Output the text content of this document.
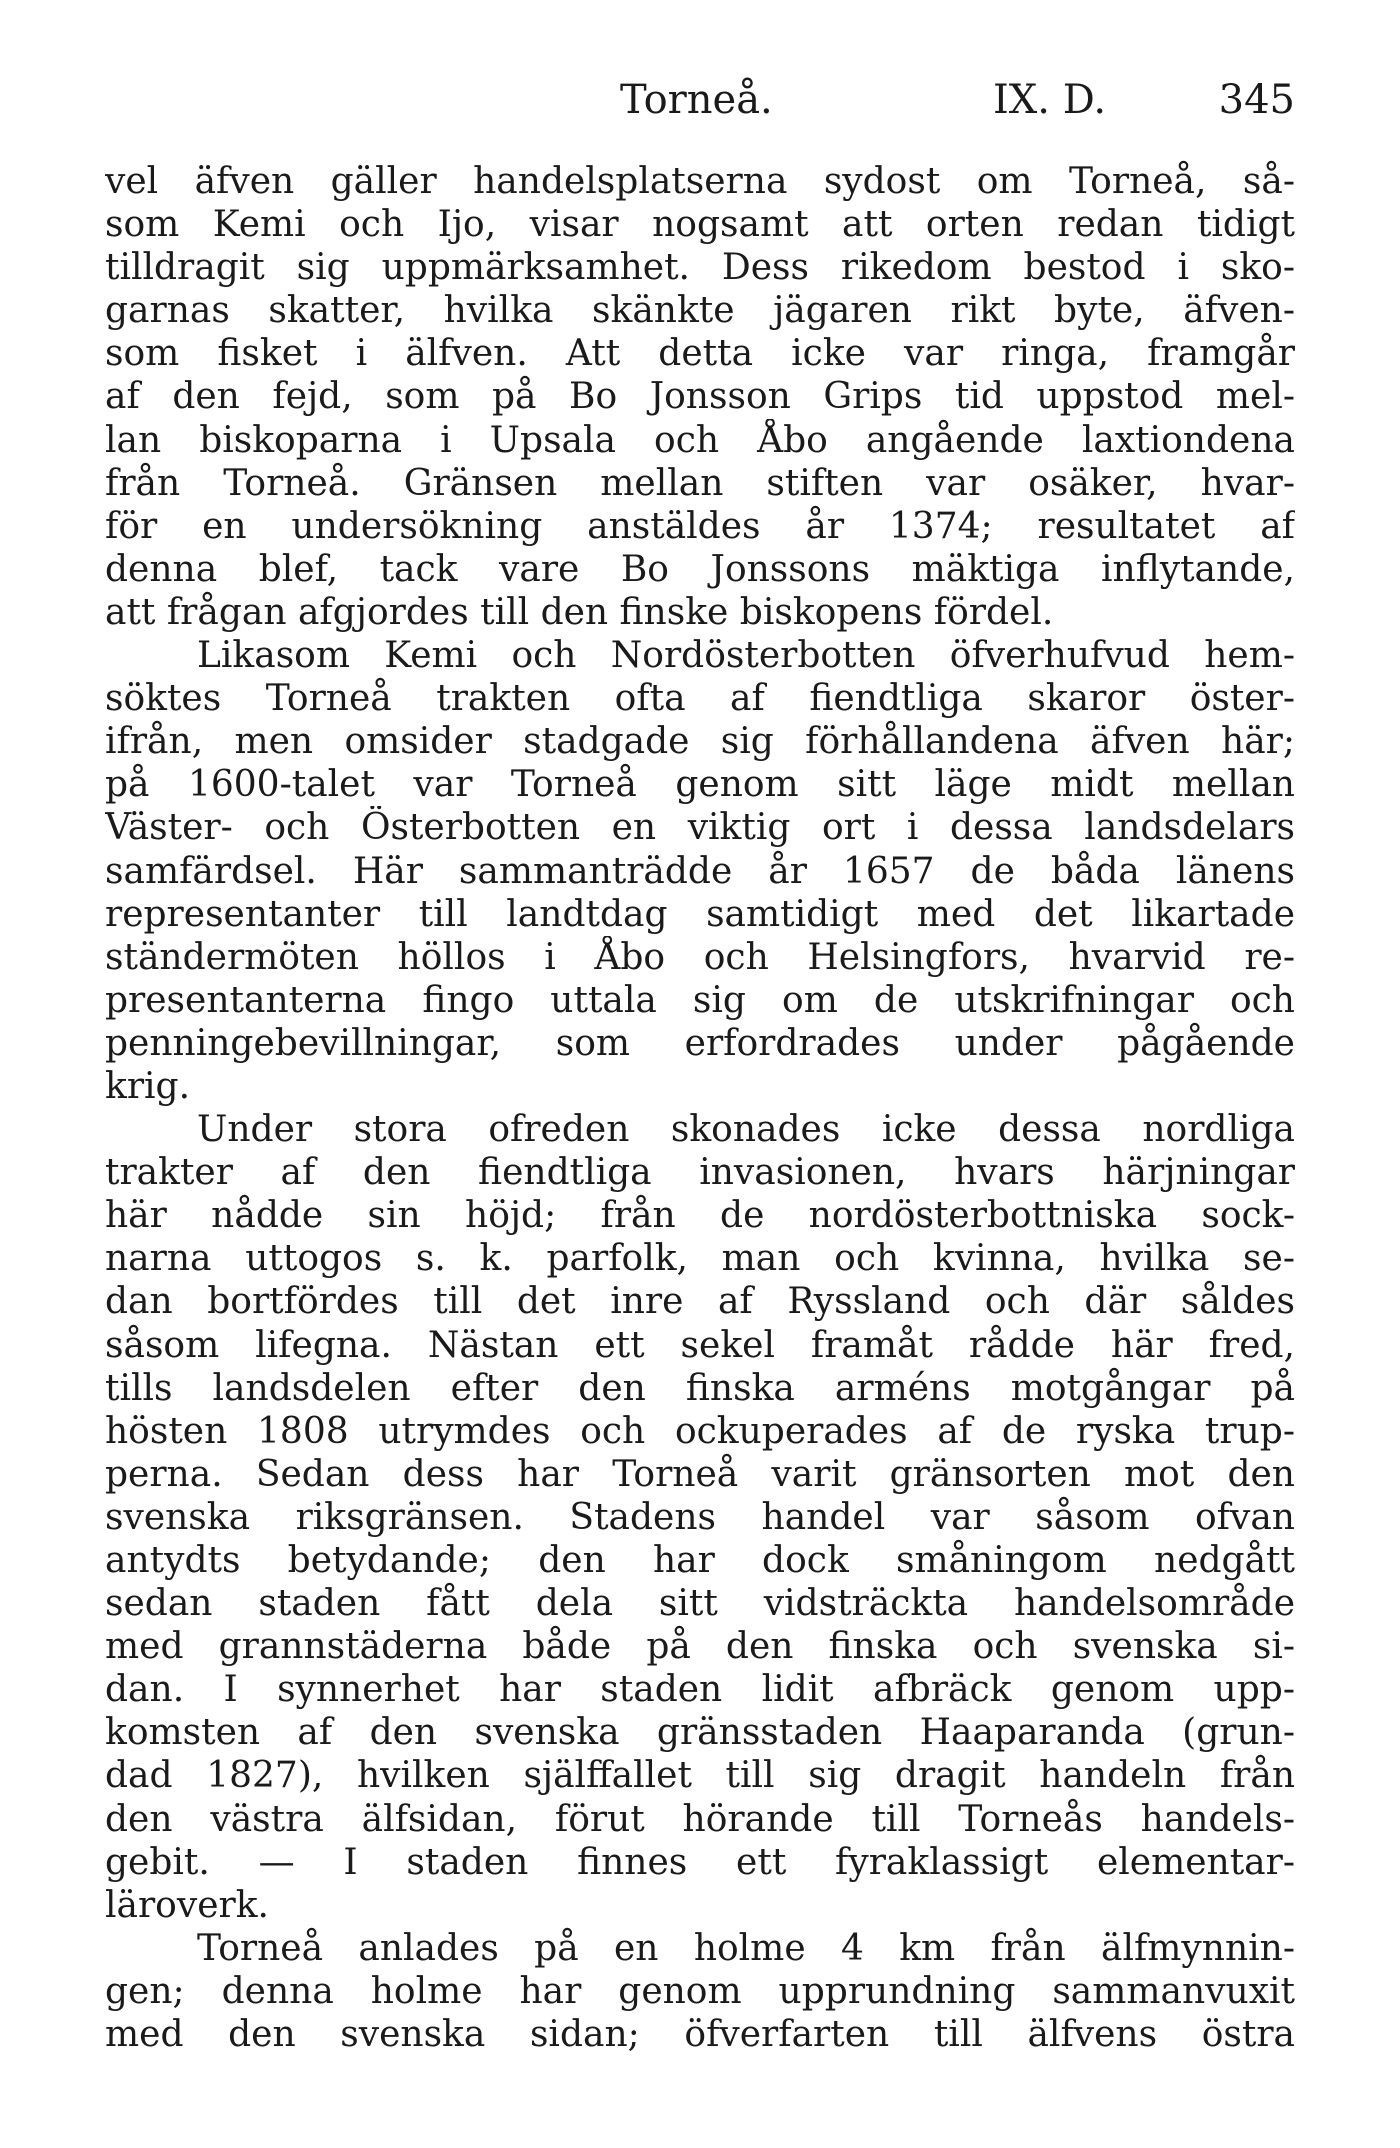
Torneå.	IX. D.	345
vel äfven gäller handelsplatserna sydost om Torneå, så-
som Kemi och Ijo, visar nogsamt att orten redan tidigt
tilldragit sig uppmärksamhet. Dess rikedom bestod i sko-
garnas skatter, hvilka skänkte jägaren rikt byte, äfven-
som fisket i älfven. Att detta icke var ringa, framgår
af den fejd, som på Bo Jonsson Grips tid uppstod mel-
lan biskoparna i Upsala och Åbo angående laxtiondena
från Torneå. Gränsen mellan stiften var osäker, hvar-
för en undersökning anstäldes år 1374; resultatet af
denna blef, tack vare Bo Jonssons mäktiga inflytande,
att frågan afgjordes till den finske biskopens fördel.
Likasom Kemi och Nordösterbotten öfverhufvud hem-
söktes Torneå trakten ofta af fiendtliga skaror öster-
ifrån, men omsider stadgade sig förhållandena äfven här;
på 1600-talet var Torneå genom sitt läge midt mellan
Väster- och Österbotten en viktig ort i dessa landsdelars
samfärdsel. Här sammanträdde år 1657 de båda länens
representanter till landtdag samtidigt med det likartade
ständermöten höllos i Åbo och Helsingfors, hvarvid re-
presentanterna fingo uttala sig om de utskrifningar och
penningebevillningar, som erfordrades under pågående
krig.
Under stora ofreden skonades icke dessa nordliga
trakter af den fiendtliga invasionen, hvars härjningar
här nådde sin höjd; från de nordösterbottniska sock-
narna uttogos s. k. parfolk, man och kvinna, hvilka se-
dan bortfördes till det inre af Ryssland och där såldes
såsom lifegna. Nästan ett sekel framåt rådde här fred,
tills landsdelen efter den finska arméns motgångar på
hösten 1808 utrymdes och ockuperades af de ryska trup-
perna. Sedan dess har Torneå varit gränsorten mot den
svenska riksgränsen. Stadens handel var såsom ofvan
antydts betydande; den har dock småningom nedgått
sedan staden fått dela sitt vidsträckta handelsområde
med grannstäderna både på den finska och svenska si-
dan. I synnerhet har staden lidit afbräck genom upp-
komsten af den svenska gränsstaden Haaparanda (grun-
dad 1827), hvilken själffallet till sig dragit handeln från
den västra älfsidan, förut hörande till Torneås handels-
gebit. — I staden finnes ett fyraklassigt elementar-
läroverk.
Torneå anlades på en holme 4 km från älfmynnin-
gen; denna holme har genom upprundning sammanvuxit
med den svenska sidan; öfverfarten till älfvens östra
